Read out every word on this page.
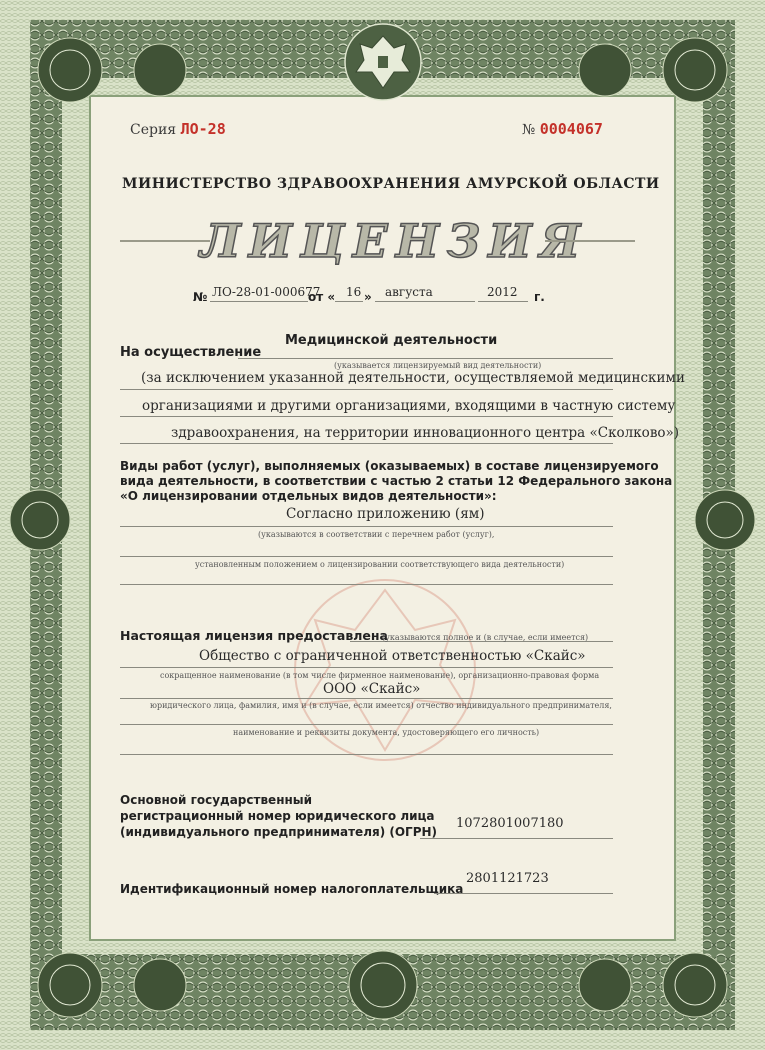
Серия ЛО-28	№ 0004067
МИНИСТЕРСТВО ЗДРАВООХРАНЕНИЯ АМУРСКОЙ ОБЛАСТИ
ЛИЦЕНЗИЯ
№ ЛО-28-01-000677
от « 16 » августа	2012 г.
Медицинской деятельности
На осуществление
(указывается лицензируемый вид деятельности)
(за исключением указанной деятельности, осуществляемой медицинскими
организациями и другими организациями, входящими в частную систему
здравоохранения, на территории инновационного центра «Сколково»)
Виды работ (услуг), выполняемых (оказываемых) в составе лицензируемого
вида деятельности, в соответствии с частью 2 статьи 12 Федерального закона
«О лицензировании отдельных видов деятельности»:
Согласно приложению (ям)
(указываются в соответствии с перечнем работ (услуг),
установленным положением о лицензировании соответствующего вида деятельности)
Настоящая лицензия предоставлена
(указываются полное и (в случае, если имеется)
Общество с ограниченной ответственностью «Скайс»
сокращенное наименование (в том числе фирменное наименование), организационно-правовая форма
ООО «Скайс»
юридического лица, фамилия, имя и (в случае, если имеется) отчество индивидуального предпринимателя,
наименование и реквизиты документа, удостоверяющего его личность)
Основной государственный
регистрационный номер юридического лица
(индивидуального предпринимателя) (ОГРН)
1072801007180
Идентификационный номер налогоплательщика
2801121723
